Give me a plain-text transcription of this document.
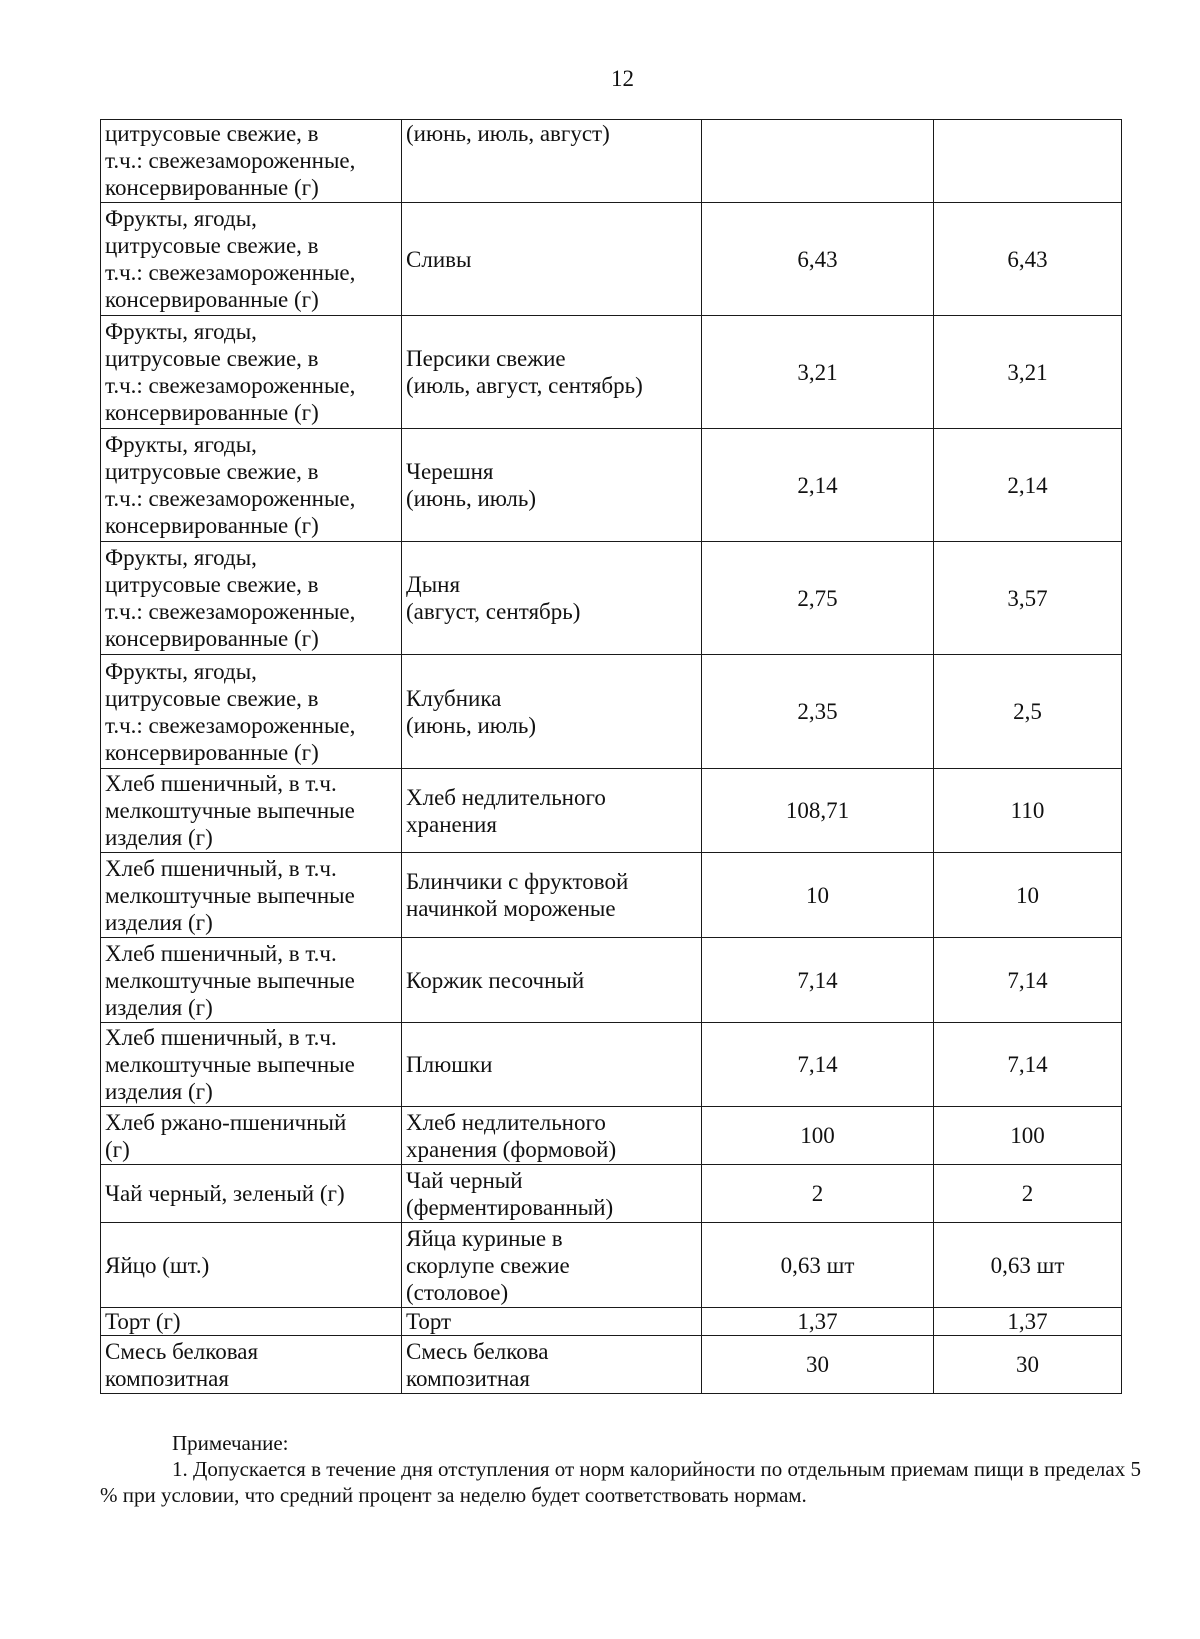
12
цитрусовые свежие, в
т.ч.: свежезамороженные,
консервированные (г)	(июнь, июль, август)		
Фрукты, ягоды,
цитрусовые свежие, в
т.ч.: свежезамороженные,
консервированные (г)	Сливы	6,43	6,43
Фрукты, ягоды,
цитрусовые свежие, в
т.ч.: свежезамороженные,
консервированные (г)	Персики свежие
(июль, август, сентябрь)	3,21	3,21
Фрукты, ягоды,
цитрусовые свежие, в
т.ч.: свежезамороженные,
консервированные (г)	Черешня
(июнь, июль)	2,14	2,14
Фрукты, ягоды,
цитрусовые свежие, в
т.ч.: свежезамороженные,
консервированные (г)	Дыня
(август, сентябрь)	2,75	3,57
Фрукты, ягоды,
цитрусовые свежие, в
т.ч.: свежезамороженные,
консервированные (г)	Клубника
(июнь, июль)	2,35	2,5
Хлеб пшеничный, в т.ч.
мелкоштучные выпечные
изделия (г)	Хлеб недлительного
хранения	108,71	110
Хлеб пшеничный, в т.ч.
мелкоштучные выпечные
изделия (г)	Блинчики с фруктовой
начинкой мороженые	10	10
Хлеб пшеничный, в т.ч.
мелкоштучные выпечные
изделия (г)	Коржик песочный	7,14	7,14
Хлеб пшеничный, в т.ч.
мелкоштучные выпечные
изделия (г)	Плюшки	7,14	7,14
Хлеб ржано-пшеничный
(г)	Хлеб недлительного
хранения (формовой)	100	100
Чай черный, зеленый (г)	Чай черный
(ферментированный)	2	2
Яйцо (шт.)	Яйца куриные в
скорлупе свежие
(столовое)	0,63 шт	0,63 шт
Торт (г)	Торт	1,37	1,37
Смесь белковая
композитная	Смесь белкова
композитная	30	30
Примечание:
1. Допускается в течение дня отступления от норм калорийности по отдельным приемам пищи в пределах 5 % при условии, что средний процент за неделю будет соответствовать нормам.
